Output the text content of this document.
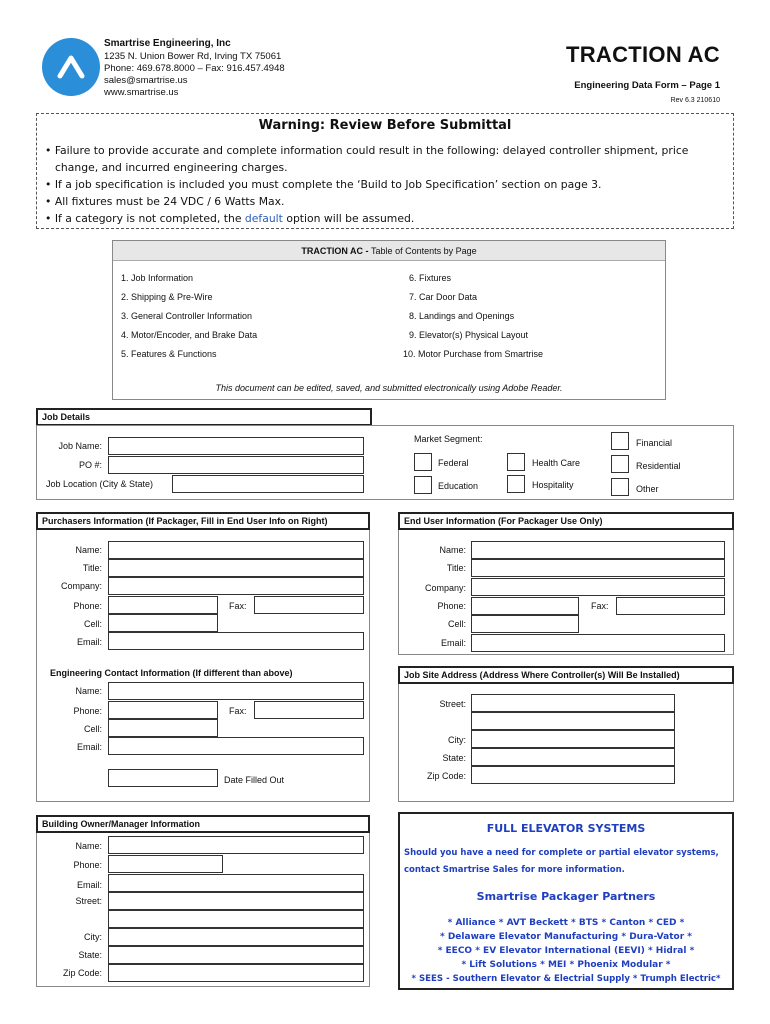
Smartrise Engineering, Inc
1235 N. Union Bower Rd, Irving TX 75061
Phone: 469.678.8000 – Fax: 916.457.4948
sales@smartrise.us
www.smartrise.us
TRACTION AC
Engineering Data Form – Page 1
Rev 6.3 210610
Warning: Review Before Submittal
• Failure to provide accurate and complete information could result in the following: delayed controller shipment, price change, and incurred engineering charges.
• If a job specification is included you must complete the ‘Build to Job Specification’ section on page 3.
• All fixtures must be 24 VDC / 6 Watts Max.
• If a category is not completed, the default option will be assumed.
TRACTION AC - Table of Contents by Page
1. Job Information
2. Shipping & Pre-Wire
3. General Controller Information
4. Motor/Encoder, and Brake Data
5. Features & Functions
6. Fixtures
7. Car Door Data
8. Landings and Openings
9. Elevator(s) Physical Layout
10. Motor Purchase from Smartrise
This document can be edited, saved, and submitted electronically using Adobe Reader.
Job Details
Job Name:
PO #:
Job Location (City & State)
Market Segment:
Federal
Education
Health Care
Hospitality
Financial
Residential
Other
Purchasers Information (If Packager, Fill in End User Info on Right)
Name:
Title:
Company:
Phone:	Fax:
Cell:
Email:
Engineering Contact Information (If different than above)
Name:
Phone:	Fax:
Cell:
Email:
Date Filled Out
End User Information (For Packager Use Only)
Name:
Title:
Company:
Phone:	Fax:
Cell:
Email:
Job Site Address (Address Where Controller(s) Will Be Installed)
Street:
City:
State:
Zip Code:
Building Owner/Manager Information
Name:
Phone:
Email:
Street:
City:
State:
Zip Code:
FULL ELEVATOR SYSTEMS
Should you have a need for complete or partial elevator systems,
contact Smartrise Sales for more information.
Smartrise Packager Partners
* Alliance * AVT Beckett * BTS * Canton * CED *
* Delaware Elevator Manufacturing * Dura-Vator *
* EECO * EV Elevator International (EEVI) * Hidral *
* Lift Solutions * MEI * Phoenix Modular *
* SEES - Southern Elevator & Electrial Supply * Trumph Electric*
